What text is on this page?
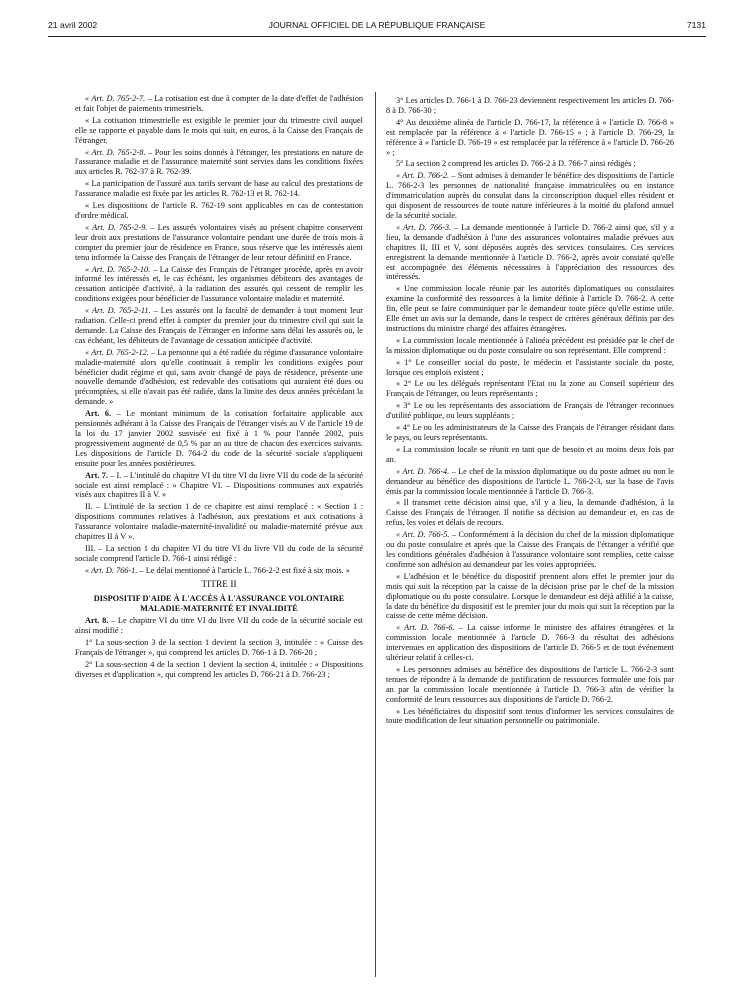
21 avril 2002	JOURNAL OFFICIEL DE LA RÉPUBLIQUE FRANÇAISE	7131

« Art. D. 765-2-7. – La cotisation est due à compter de la date d'effet de l'adhésion et fait l'objet de paiements trimestriels.

« La cotisation trimestrielle est exigible le premier jour du trimestre civil auquel elle se rapporte et payable dans le mois qui suit, en euros, à la Caisse des Français de l'étranger.

« Art. D. 765-2-8. – Pour les soins donnés à l'étranger, les prestations en nature de l'assurance maladie et de l'assurance maternité sont servies dans les conditions fixées aux articles R. 762-37 à R. 762-39.

« La participation de l'assuré aux tarifs servant de base au calcul des prestations de l'assurance maladie est fixée par les articles R. 762-13 et R. 762-14.

« Les dispositions de l'article R. 762-19 sont applicables en cas de contestation d'ordre médical.

« Art. D. 765-2-9. – Les assurés volontaires visés au présent chapitre conservent leur droit aux prestations de l'assurance volontaire pendant une durée de trois mois à compter du premier jour de résidence en France, sous réserve que les intéressés aient tenu informée la Caisse des Français de l'étranger de leur retour définitif en France.

« Art. D. 765-2-10. – La Caisse des Français de l'étranger procède, après en avoir informé les intéressés et, le cas échéant, les organismes débiteurs des avantages de cessation anticipée d'activité, à la radiation des assurés qui cessent de remplir les conditions exigées pour bénéficier de l'assurance volontaire maladie et maternité.

« Art. D. 765-2-11. – Les assurés ont la faculté de demander à tout moment leur radiation. Celle-ci prend effet à compter du premier jour du trimestre civil qui suit la demande. La Caisse des Français de l'étranger en informe sans délai les assurés ou, le cas échéant, les débiteurs de l'avantage de cessation anticipée d'activité.

« Art. D. 765-2-12. – La personne qui a été radiée du régime d'assurance volontaire maladie-maternité alors qu'elle continuait à remplir les conditions exigées pour bénéficier dudit régime et qui, sans avoir changé de pays de résidence, présente une nouvelle demande d'adhésion, est redevable des cotisations qui auraient été dues ou précomptées, si elle n'avait pas été radiée, dans la limite des deux années précédant la demande. »

Art. 6. – Le montant minimum de la cotisation forfaitaire applicable aux pensionnés adhérant à la Caisse des Français de l'étranger visés au V de l'article 19 de la loi du 17 janvier 2002 susvisée est fixé à 1 % pour l'année 2002, puis progressivement augmenté de 0,5 % par an au titre de chacun des exercices suivants. Les dispositions de l'article D. 764-2 du code de la sécurité sociale s'appliquent ensuite pour les années postérieures.

Art. 7. – I. – L'intitulé du chapitre VI du titre VI du livre VII du code de la sécurité sociale est ainsi remplacé : « Chapitre VI. – Dispositions communes aux expatriés visés aux chapitres II à V. »

II. – L'intitulé de la section 1 de ce chapitre est ainsi remplacé : « Section 1 : dispositions communes relatives à l'adhésion, aux prestations et aux cotisations à l'assurance volontaire maladie-maternité-invalidité ou maladie-maternité prévue aux chapitres II à V ».

III. – La section 1 du chapitre VI du titre VI du livre VII du code de la sécurité sociale comprend l'article D. 766-1 ainsi rédigé :

« Art. D. 766-1. – Le délai mentionné à l'article L. 766-2-2 est fixé à six mois. »

TITRE II

DISPOSITIF D'AIDE À L'ACCÈS À L'ASSURANCE VOLONTAIRE MALADIE-MATERNITÉ ET INVALIDITÉ

Art. 8. – Le chapitre VI du titre VI du livre VII du code de la sécurité sociale est ainsi modifié :

1° La sous-section 3 de la section 1 devient la section 3, intitulée : « Caisse des Français de l'étranger », qui comprend les articles D. 766-1 à D. 766-20 ;

2° La sous-section 4 de la section 1 devient la section 4, intitulée : « Dispositions diverses et d'application », qui comprend les articles D. 766-21 à D. 766-23 ;

3° Les articles D. 766-1 à D. 766-23 deviennent respectivement les articles D. 766-8 à D. 766-30 ;

4° Au deuxième alinéa de l'article D. 766-17, la référence à « l'article D. 766-8 » est remplacée par la référence à « l'article D. 766-15 » ; à l'article D. 766-29, la référence à « l'article D. 766-19 » est remplacée par la référence à « l'article D. 766-26 » ;

5° La section 2 comprend les articles D. 766-2 à D. 766-7 ainsi rédigés ;

« Art. D. 766-2. – Sont admises à demander le bénéfice des dispositions de l'article L. 766-2-3 les personnes de nationalité française immatriculées ou en instance d'immatriculation auprès du consulat dans la circonscription duquel elles résident et qui disposent de ressources de toute nature inférieures à la moitié du plafond annuel de la sécurité sociale.

« Art. D. 766-3. – La demande mentionnée à l'article D. 766-2 ainsi que, s'il y a lieu, la demande d'adhésion à l'une des assurances volontaires maladie prévues aux chapitres II, III et V, sont déposées auprès des services consulaires. Ces services enregistrent la demande mentionnée à l'article D. 766-2, après avoir constaté qu'elle est accompagnée des éléments nécessaires à l'appréciation des ressources des intéressés.

« Une commission locale réunie par les autorités diplomatiques ou consulaires examine la conformité des ressources à la limite définie à l'article D. 766-2. A cette fin, elle peut se faire communiquer par le demandeur toute pièce qu'elle estime utile. Elle émet un avis sur la demande, dans le respect de critères généraux définis par des instructions du ministre chargé des affaires étrangères.

« La commission locale mentionnée à l'alinéa précédent est présidée par le chef de la mission diplomatique ou du poste consulaire ou son représentant. Elle comprend :

« 1° Le conseiller social du poste, le médecin et l'assistante sociale du poste, lorsque ces emplois existent ;

« 2° Le ou les délégués représentant l'Etat ou la zone au Conseil supérieur des Français de l'étranger, ou leurs représentants ;

« 3° Le ou les représentants des associations de Français de l'étranger reconnues d'utilité publique, ou leurs suppléants ;

« 4° Le ou les administrateurs de la Caisse des Français de l'étranger résidant dans le pays, ou leurs représentants.

« La commission locale se réunit en tant que de besoin et au moins deux fois par an.

« Art. D. 766-4. – Le chef de la mission diplomatique ou du poste admet ou non le demandeur au bénéfice des dispositions de l'article L. 766-2-3, sur la base de l'avis émis par la commission locale mentionnée à l'article D. 766-3.

« Il transmet cette décision ainsi que, s'il y a lieu, la demande d'adhésion, à la Caisse des Français de l'étranger. Il notifie sa décision au demandeur et, en cas de refus, les voies et délais de recours.

« Art. D. 766-5. – Conformément à la décision du chef de la mission diplomatique ou du poste consulaire et après que la Caisse des Français de l'étranger a vérifié que les conditions générales d'adhésion à l'assurance volontaire sont remplies, cette caisse confirme son adhésion au demandeur par les voies appropriées.

« L'adhésion et le bénéfice du dispositif prennent alors effet le premier jour du mois qui suit la réception par la caisse de la décision prise par le chef de la mission diplomatique ou du poste consulaire. Lorsque le demandeur est déjà affilié à la caisse, la date du bénéfice du dispositif est le premier jour du mois qui suit la réception par la caisse de cette même décision.

« Art. D. 766-6. – La caisse informe le ministre des affaires étrangères et la commission locale mentionnée à l'article D. 766-3 du résultat des adhésions intervenues en application des dispositions de l'article D. 766-5 et de tout événement ultérieur relatif à celles-ci.

« Les personnes admises au bénéfice des dispositions de l'article L. 766-2-3 sont tenues de répondre à la demande de justification de ressources formulée une fois par an par la commission locale mentionnée à l'article D. 766-3 afin de vérifier la conformité de leurs ressources aux dispositions de l'article D. 766-2.

« Les bénéficiaires du dispositif sont tenus d'informer les services consulaires de toute modification de leur situation personnelle ou patrimoniale.
